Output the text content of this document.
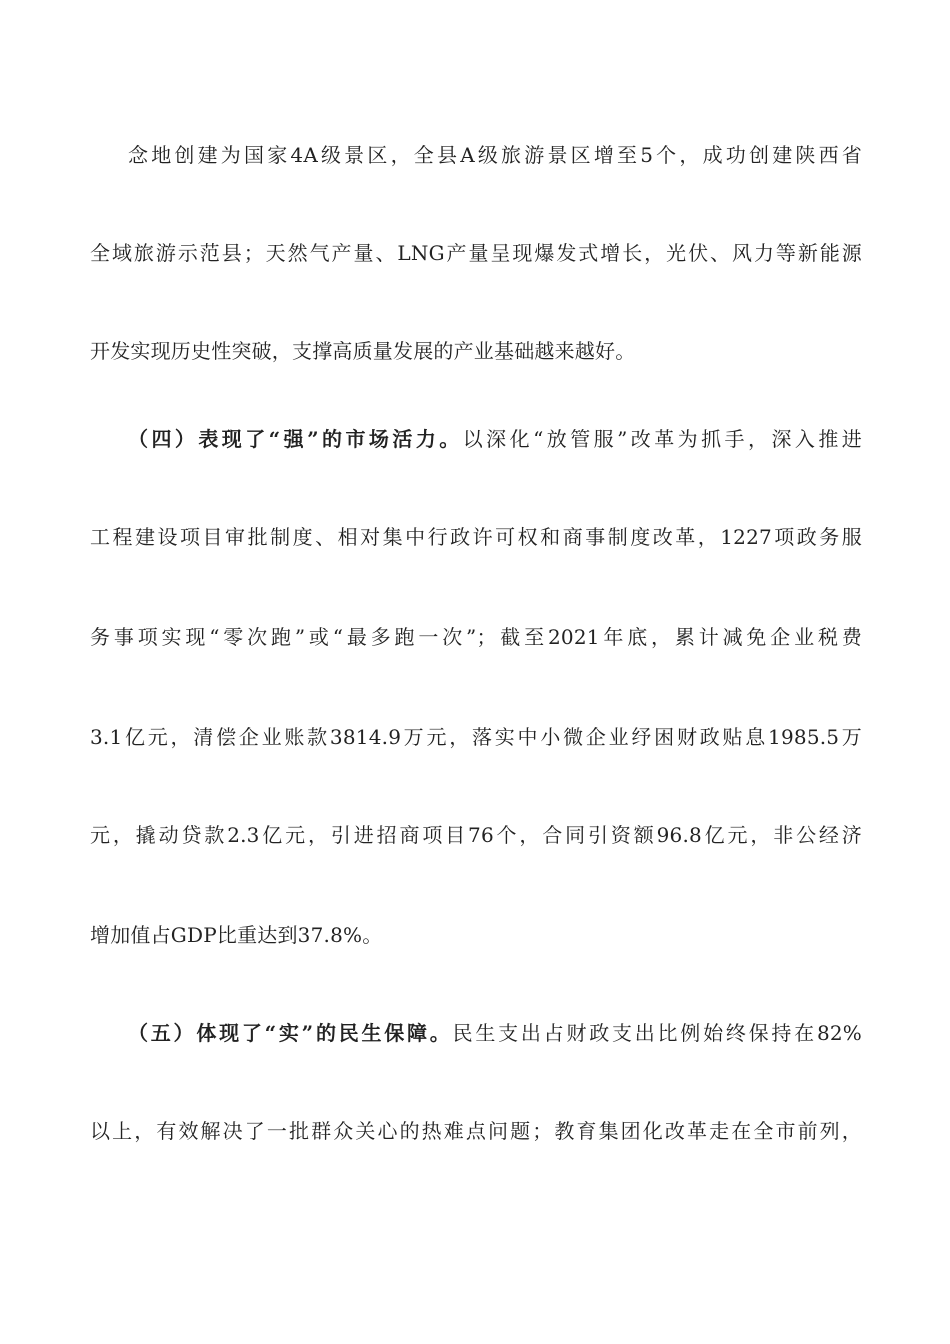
念地创建为国家4A级景区，全县A级旅游景区增至5个，成功创建陕西省
全域旅游示范县；天然气产量、LNG产量呈现爆发式增长，光伏、风力等新能源
开发实现历史性突破，支撑高质量发展的产业基础越来越好。
（四）表现了“强”的市场活力。以深化“放管服”改革为抓手，深入推进
工程建设项目审批制度、相对集中行政许可权和商事制度改革，1227项政务服
务事项实现“零次跑”或“最多跑一次”；截至2021年底，累计减免企业税费
3.1亿元，清偿企业账款3814.9万元，落实中小微企业纾困财政贴息1985.5万
元，撬动贷款2.3亿元，引进招商项目76个，合同引资额96.8亿元，非公经济
增加值占GDP比重达到37.8%。
（五）体现了“实”的民生保障。民生支出占财政支出比例始终保持在82%
以上，有效解决了一批群众关心的热难点问题；教育集团化改革走在全市前列，
